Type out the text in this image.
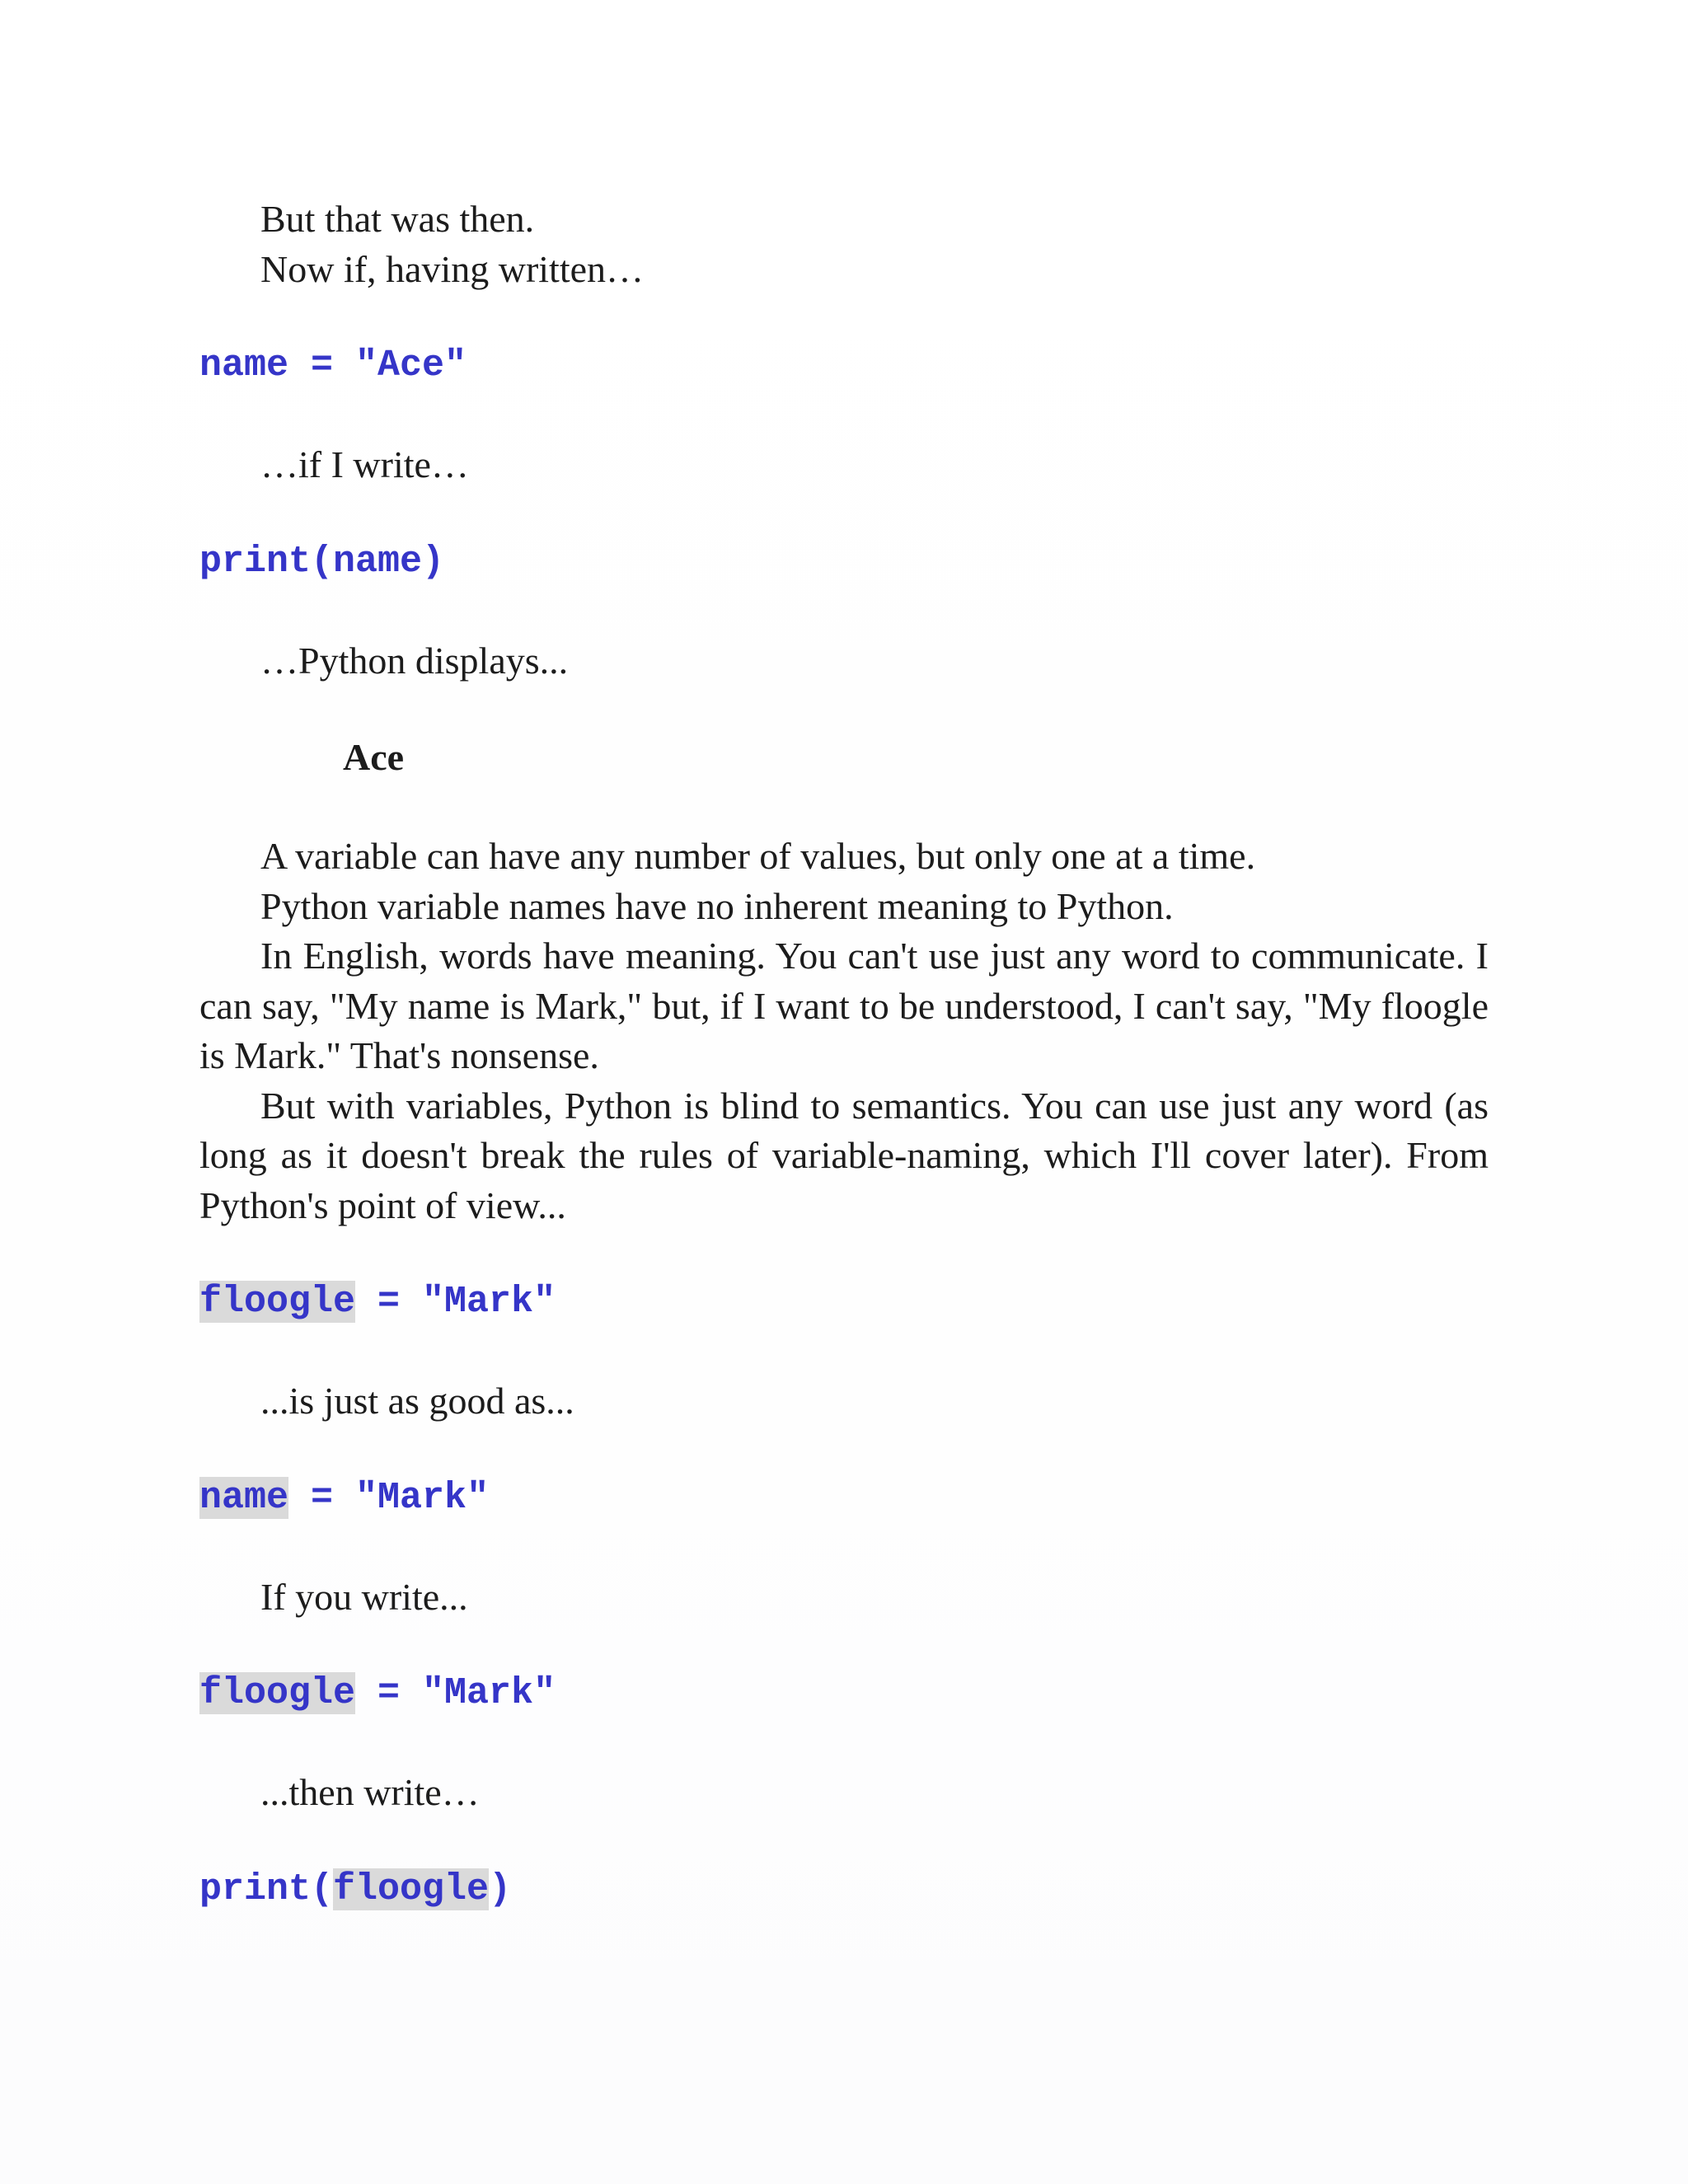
But that was then.

Now if, having written…

name = "Ace"

…if I write…

print(name)

…Python displays...

Ace

A variable can have any number of values, but only one at a time.

Python variable names have no inherent meaning to Python.

In English, words have meaning. You can't use just any word to communicate. I can say, "My name is Mark," but, if I want to be understood, I can't say, "My floogle is Mark." That's nonsense.

But with variables, Python is blind to semantics. You can use just any word (as long as it doesn't break the rules of variable-naming, which I'll cover later). From Python's point of view...

floogle = "Mark"

...is just as good as...

name = "Mark"

If you write...

floogle = "Mark"

...then write…

print(floogle)
